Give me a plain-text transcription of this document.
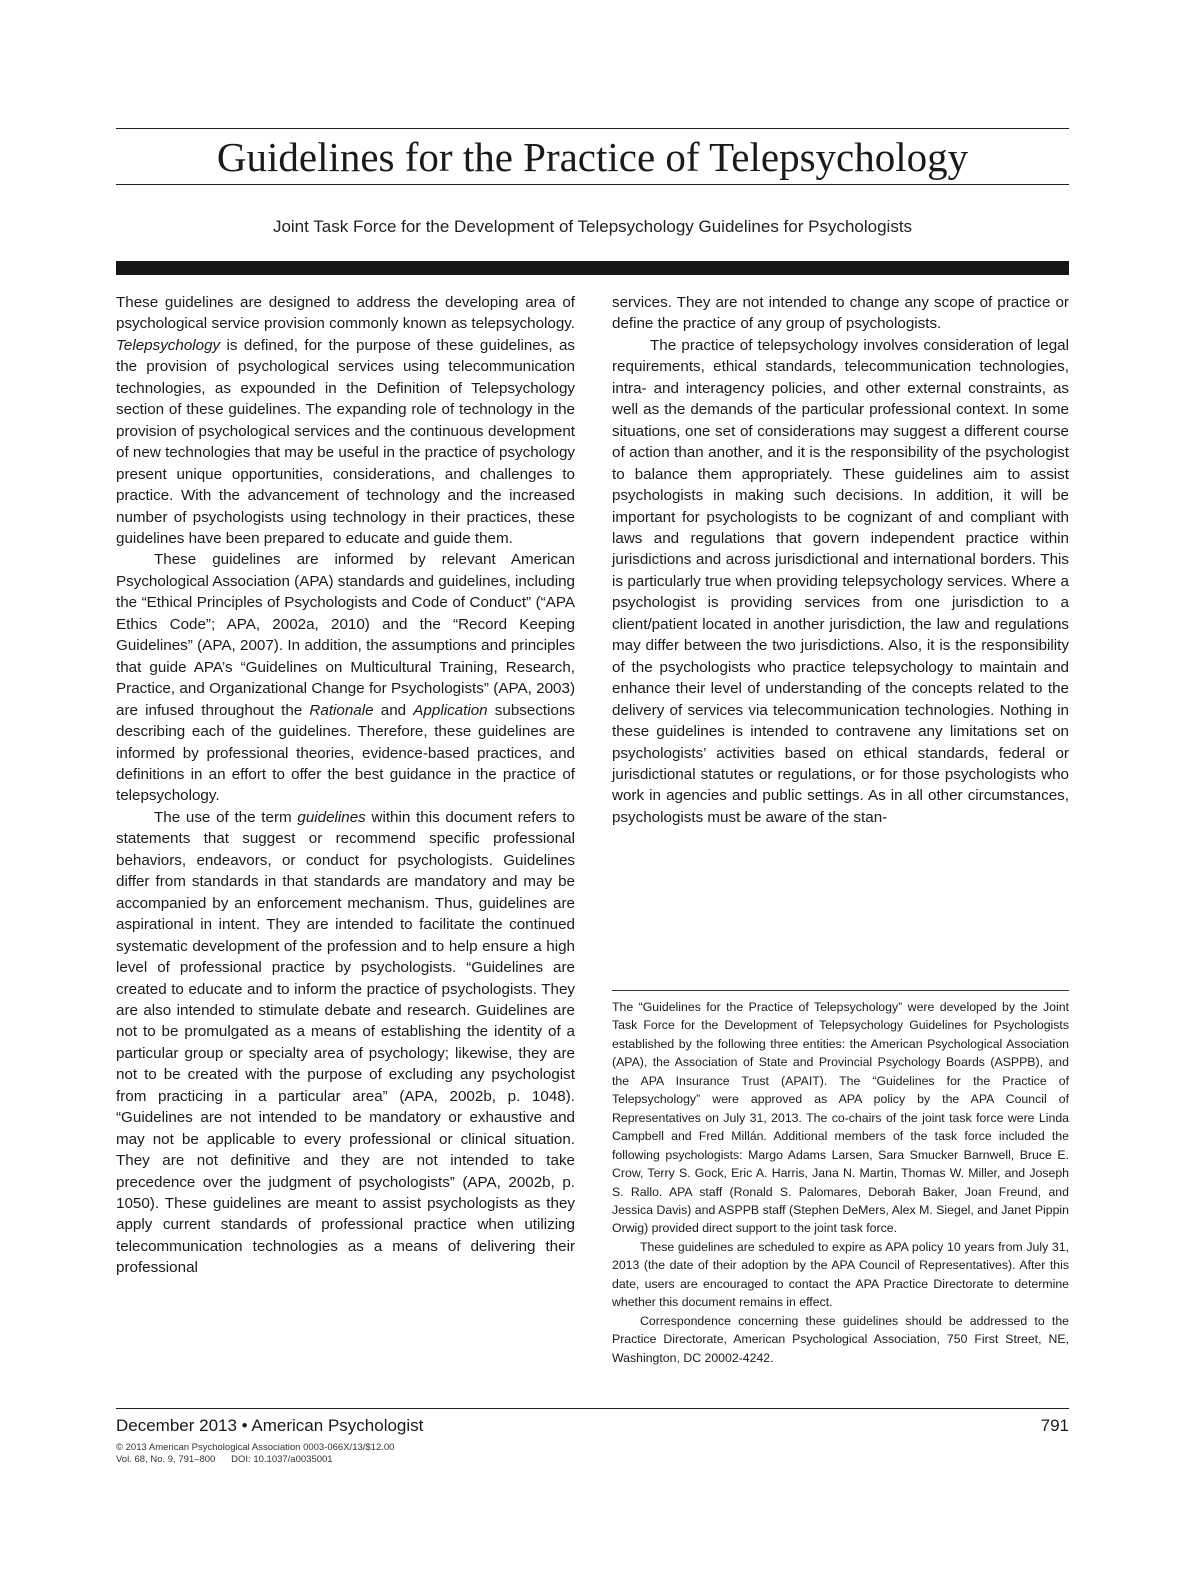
Guidelines for the Practice of Telepsychology
Joint Task Force for the Development of Telepsychology Guidelines for Psychologists

These guidelines are designed to address the developing area of psychological service provision commonly known as telepsychology. Telepsychology is defined, for the purpose of these guidelines, as the provision of psychological services using telecommunication technologies, as expounded in the Definition of Telepsychology section of these guidelines. The expanding role of technology in the provision of psychological services and the continuous development of new technologies that may be useful in the practice of psychology present unique opportunities, considerations, and challenges to practice. With the advancement of technology and the increased number of psychologists using technology in their practices, these guidelines have been prepared to educate and guide them.

These guidelines are informed by relevant American Psychological Association (APA) standards and guidelines, including the “Ethical Principles of Psychologists and Code of Conduct” (“APA Ethics Code”; APA, 2002a, 2010) and the “Record Keeping Guidelines” (APA, 2007). In addition, the assumptions and principles that guide APA’s “Guidelines on Multicultural Training, Research, Practice, and Organizational Change for Psychologists” (APA, 2003) are infused throughout the Rationale and Application subsections describing each of the guidelines. Therefore, these guidelines are informed by professional theories, evidence-based practices, and definitions in an effort to offer the best guidance in the practice of telepsychology.

The use of the term guidelines within this document refers to statements that suggest or recommend specific professional behaviors, endeavors, or conduct for psychologists. Guidelines differ from standards in that standards are mandatory and may be accompanied by an enforcement mechanism. Thus, guidelines are aspirational in intent. They are intended to facilitate the continued systematic development of the profession and to help ensure a high level of professional practice by psychologists. “Guidelines are created to educate and to inform the practice of psychologists. They are also intended to stimulate debate and research. Guidelines are not to be promulgated as a means of establishing the identity of a particular group or specialty area of psychology; likewise, they are not to be created with the purpose of excluding any psychologist from practicing in a particular area” (APA, 2002b, p. 1048). “Guidelines are not intended to be mandatory or exhaustive and may not be applicable to every professional or clinical situation. They are not definitive and they are not intended to take precedence over the judgment of psychologists” (APA, 2002b, p. 1050). These guidelines are meant to assist psychologists as they apply current standards of professional practice when utilizing telecommunication technologies as a means of delivering their professional

services. They are not intended to change any scope of practice or define the practice of any group of psychologists.

The practice of telepsychology involves consideration of legal requirements, ethical standards, telecommunication technologies, intra- and interagency policies, and other external constraints, as well as the demands of the particular professional context. In some situations, one set of considerations may suggest a different course of action than another, and it is the responsibility of the psychologist to balance them appropriately. These guidelines aim to assist psychologists in making such decisions. In addition, it will be important for psychologists to be cognizant of and compliant with laws and regulations that govern independent practice within jurisdictions and across jurisdictional and international borders. This is particularly true when providing telepsychology services. Where a psychologist is providing services from one jurisdiction to a client/patient located in another jurisdiction, the law and regulations may differ between the two jurisdictions. Also, it is the responsibility of the psychologists who practice telepsychology to maintain and enhance their level of understanding of the concepts related to the delivery of services via telecommunication technologies. Nothing in these guidelines is intended to contravene any limitations set on psychologists’ activities based on ethical standards, federal or jurisdictional statutes or regulations, or for those psychologists who work in agencies and public settings. As in all other circumstances, psychologists must be aware of the stan-

The “Guidelines for the Practice of Telepsychology” were developed by the Joint Task Force for the Development of Telepsychology Guidelines for Psychologists established by the following three entities: the American Psychological Association (APA), the Association of State and Provincial Psychology Boards (ASPPB), and the APA Insurance Trust (APAIT). The “Guidelines for the Practice of Telepsychology” were approved as APA policy by the APA Council of Representatives on July 31, 2013. The co-chairs of the joint task force were Linda Campbell and Fred Millán. Additional members of the task force included the following psychologists: Margo Adams Larsen, Sara Smucker Barnwell, Bruce E. Crow, Terry S. Gock, Eric A. Harris, Jana N. Martin, Thomas W. Miller, and Joseph S. Rallo. APA staff (Ronald S. Palomares, Deborah Baker, Joan Freund, and Jessica Davis) and ASPPB staff (Stephen DeMers, Alex M. Siegel, and Janet Pippin Orwig) provided direct support to the joint task force.

These guidelines are scheduled to expire as APA policy 10 years from July 31, 2013 (the date of their adoption by the APA Council of Representatives). After this date, users are encouraged to contact the APA Practice Directorate to determine whether this document remains in effect.

Correspondence concerning these guidelines should be addressed to the Practice Directorate, American Psychological Association, 750 First Street, NE, Washington, DC 20002-4242.

December 2013 • American Psychologist	791
© 2013 American Psychological Association 0003-066X/13/$12.00
Vol. 68, No. 9, 791–800 DOI: 10.1037/a0035001
